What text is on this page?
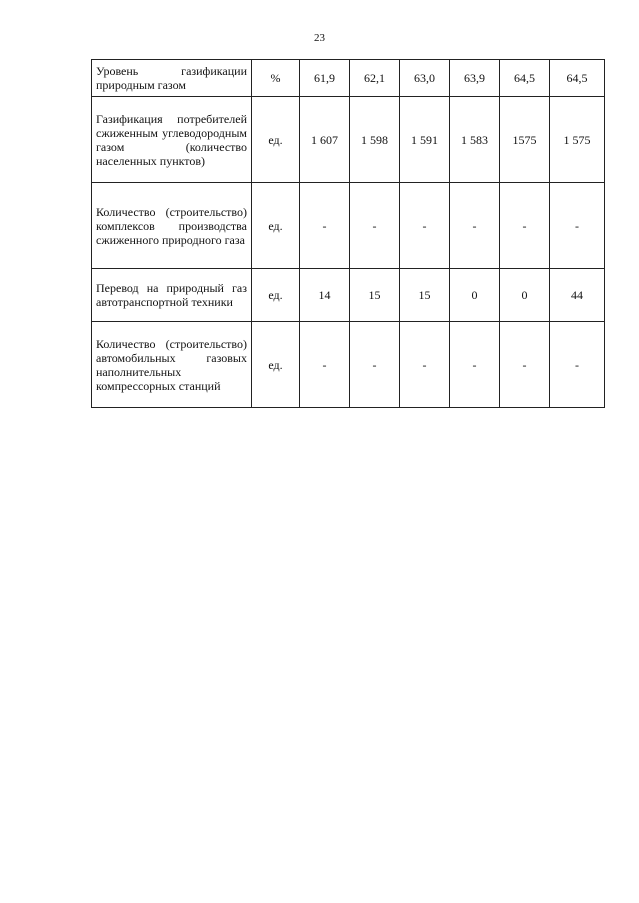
23
Уровень газификации природным газом	%	61,9	62,1	63,0	63,9	64,5	64,5
Газификация потребителей сжиженным углеводородным газом (количество населенных пунктов)	ед.	1 607	1 598	1 591	1 583	1575	1 575
Количество (строительство) комплексов производства сжиженного природного газа	ед.	-	-	-	-	-	-
Перевод на природный газ автотранспортной техники	ед.	14	15	15	0	0	44
Количество (строительство) автомобильных газовых наполнительных компрессорных станций	ед.	-	-	-	-	-	-
